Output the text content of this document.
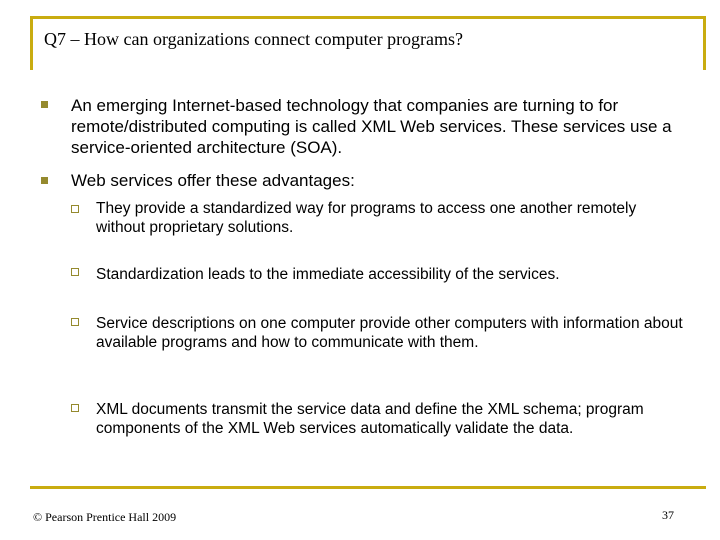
Q7 – How can organizations connect computer programs?
An emerging Internet-based technology that companies are turning to for remote/distributed computing is called XML Web services. These services use a service-oriented architecture (SOA).
Web services offer these advantages:
They provide a standardized way for programs to access one another remotely without proprietary solutions.
Standardization leads to the immediate accessibility of the services.
Service descriptions on one computer provide other computers with information about available programs and how to communicate with them.
XML documents transmit the service data and define the XML schema; program components of the XML Web services automatically validate the data.
© Pearson Prentice Hall 2009	37
